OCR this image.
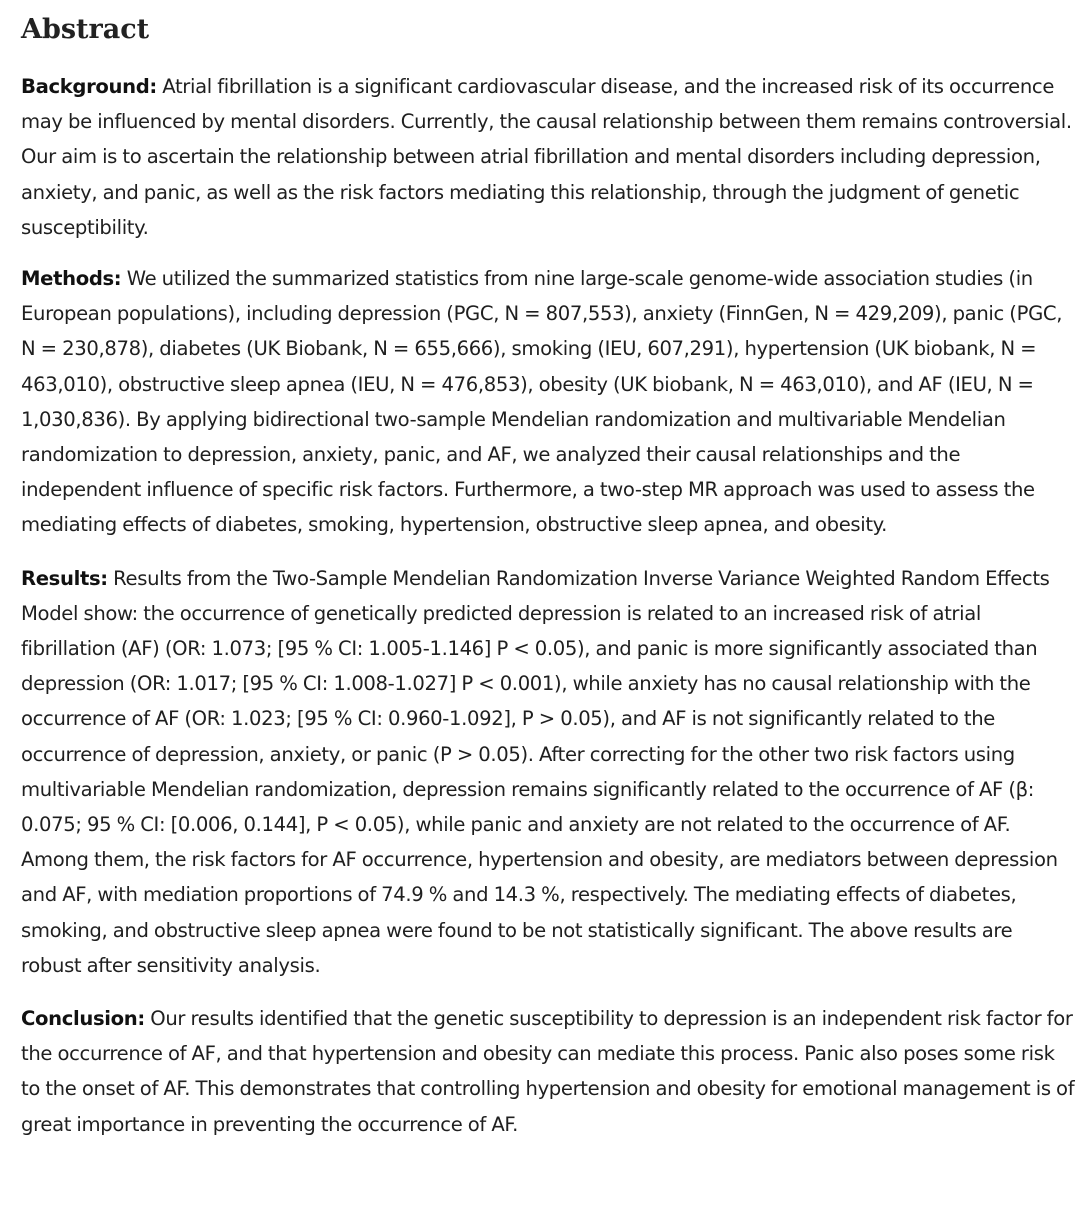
Abstract

Background: Atrial fibrillation is a significant cardiovascular disease, and the increased risk of its occurrence may be influenced by mental disorders. Currently, the causal relationship between them remains controversial. Our aim is to ascertain the relationship between atrial fibrillation and mental disorders including depression, anxiety, and panic, as well as the risk factors mediating this relationship, through the judgment of genetic susceptibility.

Methods: We utilized the summarized statistics from nine large-scale genome-wide association studies (in European populations), including depression (PGC, N = 807,553), anxiety (FinnGen, N = 429,209), panic (PGC, N = 230,878), diabetes (UK Biobank, N = 655,666), smoking (IEU, 607,291), hypertension (UK biobank, N = 463,010), obstructive sleep apnea (IEU, N = 476,853), obesity (UK biobank, N = 463,010), and AF (IEU, N = 1,030,836). By applying bidirectional two-sample Mendelian randomization and multivariable Mendelian randomization to depression, anxiety, panic, and AF, we analyzed their causal relationships and the independent influence of specific risk factors. Furthermore, a two-step MR approach was used to assess the mediating effects of diabetes, smoking, hypertension, obstructive sleep apnea, and obesity.

Results: Results from the Two-Sample Mendelian Randomization Inverse Variance Weighted Random Effects Model show: the occurrence of genetically predicted depression is related to an increased risk of atrial fibrillation (AF) (OR: 1.073; [95 % CI: 1.005-1.146] P < 0.05), and panic is more significantly associated than depression (OR: 1.017; [95 % CI: 1.008-1.027] P < 0.001), while anxiety has no causal relationship with the occurrence of AF (OR: 1.023; [95 % CI: 0.960-1.092], P > 0.05), and AF is not significantly related to the occurrence of depression, anxiety, or panic (P > 0.05). After correcting for the other two risk factors using multivariable Mendelian randomization, depression remains significantly related to the occurrence of AF (β: 0.075; 95 % CI: [0.006, 0.144], P < 0.05), while panic and anxiety are not related to the occurrence of AF. Among them, the risk factors for AF occurrence, hypertension and obesity, are mediators between depression and AF, with mediation proportions of 74.9 % and 14.3 %, respectively. The mediating effects of diabetes, smoking, and obstructive sleep apnea were found to be not statistically significant. The above results are robust after sensitivity analysis.

Conclusion: Our results identified that the genetic susceptibility to depression is an independent risk factor for the occurrence of AF, and that hypertension and obesity can mediate this process. Panic also poses some risk to the onset of AF. This demonstrates that controlling hypertension and obesity for emotional management is of great importance in preventing the occurrence of AF.
